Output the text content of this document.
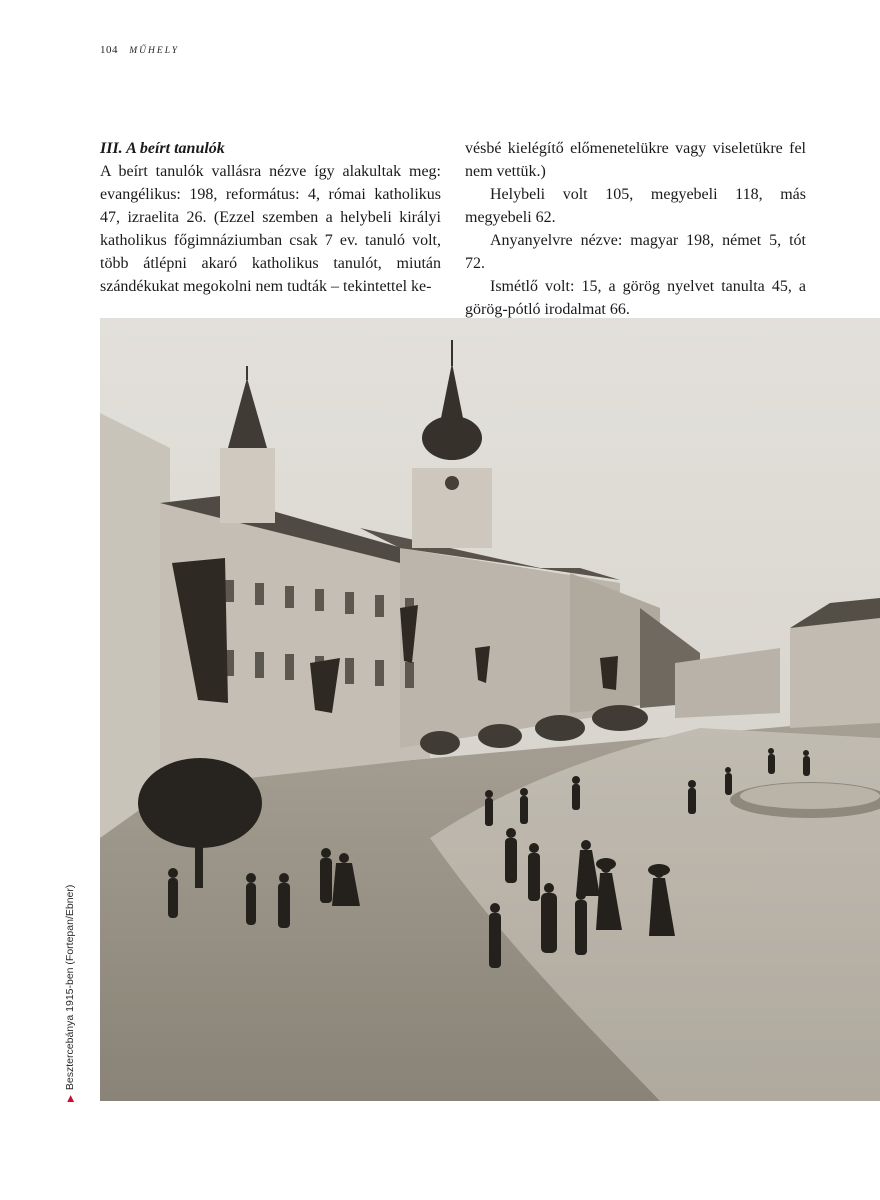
104 MŰHELY

III. A beírt tanulók

A beírt tanulók vallásra nézve így alakultak meg: evangélikus: 198, református: 4, római katholikus 47, izraelita 26. (Ezzel szemben a helybeli királyi katholikus főgimnáziumban csak 7 ev. tanuló volt, több átlépni akaró katholikus tanulót, miután szándékukat megokolni nem tudták – tekintettel ke-

vésbé kielégítő előmenetelükre vagy viseletükre fel nem vettük.)

Helybeli volt 105, megyebeli 118, más megyebeli 62.

Anyanyelvre nézve: magyar 198, német 5, tót 72.

Ismétlő volt: 15, a görög nyelvet tanulta 45, a görög-pótló irodalmat 66.

▶Besztercebánya 1915-ben (Fortepan/Ebner)
